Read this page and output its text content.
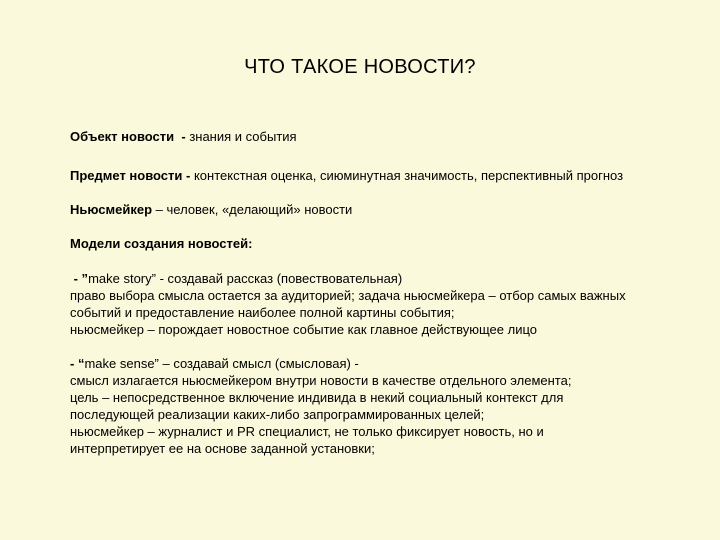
ЧТО ТАКОЕ НОВОСТИ?
Объект новости  - знания и события
Предмет новости - контекстная оценка, сиюминутная значимость, перспективный прогноз
Ньюсмейкер – человек, «делающий» новости
Модели создания новостей:
- ”make story” - создавай рассказ (повествовательная)
право выбора смысла остается за аудиторией; задача ньюсмейкера – отбор самых важных
событий и предоставление наиболее полной картины события;
ньюсмейкер – порождает новостное событие как главное действующее лицо
- “make sense” – создавай смысл (смысловая) -
смысл излагается ньюсмейкером внутри новости в качестве отдельного элемента;
цель – непосредственное включение индивида в некий социальный контекст для
последующей реализации каких-либо запрограммированных целей;
ньюсмейкер – журналист и PR специалист, не только фиксирует новость, но и
интерпретирует ее на основе заданной установки;
